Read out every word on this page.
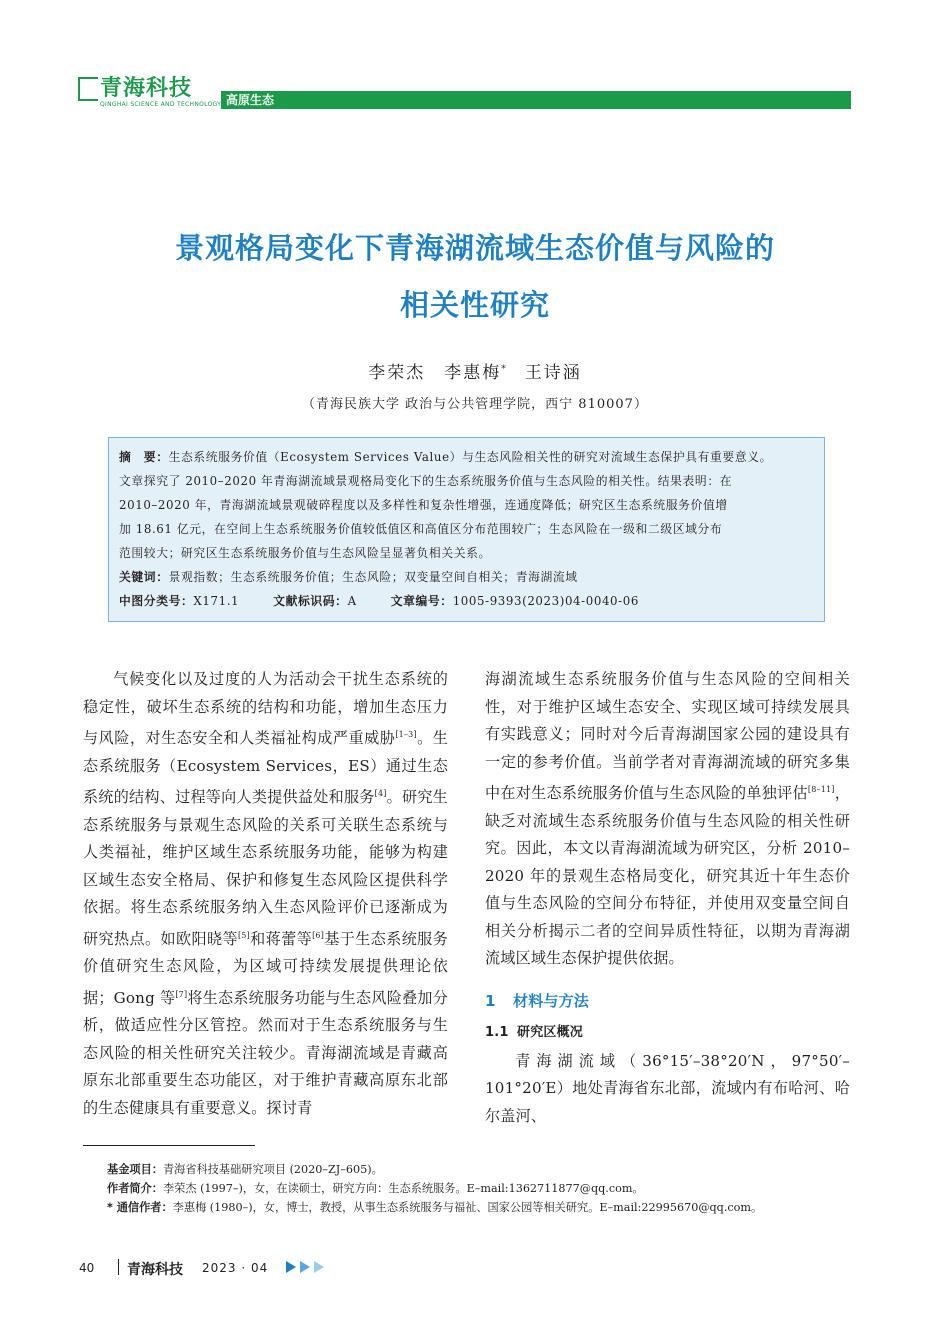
青海科技
QINGHAI SCIENCE AND TECHNOLOGY 高原生态
景观格局变化下青海湖流域生态价值与风险的
相关性研究
李荣杰　李惠梅*　 王诗涵
（青海民族大学 政治与公共管理学院，西宁 810007）
摘　要：生态系统服务价值（Ecosystem Services Value）与生态风险相关性的研究对流域生态保护具有重要意义。
文章探究了 2010–2020 年青海湖流域景观格局变化下的生态系统服务价值与生态风险的相关性。结果表明：在
2010–2020 年，青海湖流域景观破碎程度以及多样性和复杂性增强，连通度降低；研究区生态系统服务价值增
加 18.61 亿元，在空间上生态系统服务价值较低值区和高值区分布范围较广；生态风险在一级和二级区域分布
范围较大；研究区生态系统服务价值与生态风险呈显著负相关关系。
关键词：景观指数；生态系统服务价值；生态风险；双变量空间自相关；青海湖流域
中图分类号：X171.1	文献标识码：A	文章编号：1005-9393(2023)04-0040-06

气候变化以及过度的人为活动会干扰生态系统的稳定性，破坏生态系统的结构和功能，增加生态压力与风险，对生态安全和人类福祉构成严重威胁[1–3]。生态系统服务（Ecosystem Services，ES）通过生态系统的结构、过程等向人类提供益处和服务[4]。研究生态系统服务与景观生态风险的关系可关联生态系统与人类福祉，维护区域生态系统服务功能，能够为构建区域生态安全格局、保护和修复生态风险区提供科学依据。将生态系统服务纳入生态风险评价已逐渐成为研究热点。如欧阳晓等[5]和蒋蕾等[6]基于生态系统服务价值研究生态风险，为区域可持续发展提供理论依据；Gong 等[7]将生态系统服务功能与生态风险叠加分析，做适应性分区管控。然而对于生态系统服务与生态风险的相关性研究关注较少。青海湖流域是青藏高原东北部重要生态功能区，对于维护青藏高原东北部的生态健康具有重要意义。探讨青

海湖流域生态系统服务价值与生态风险的空间相关性，对于维护区域生态安全、实现区域可持续发展具有实践意义；同时对今后青海湖国家公园的建设具有一定的参考价值。当前学者对青海湖流域的研究多集中在对生态系统服务价值与生态风险的单独评估[8–11]，缺乏对流域生态系统服务价值与生态风险的相关性研究。因此，本文以青海湖流域为研究区，分析 2010–2020 年的景观生态格局变化，研究其近十年生态价值与生态风险的空间分布特征，并使用双变量空间自相关分析揭示二者的空间异质性特征，以期为青海湖流域区域生态保护提供依据。

1 材料与方法
1.1 研究区概况

青海湖流域（36°15′–38°20′N，97°50′–101°20′E）地处青海省东北部，流域内有布哈河、哈尔盖河、

基金项目：青海省科技基础研究项目 (2020–ZJ–605)。
作者简介：李荣杰 (1997–)，女，在读硕士，研究方向：生态系统服务。E–mail:1362711877@qq.com。
* 通信作者：李惠梅 (1980–)，女，博士，教授，从事生态系统服务与福祉、国家公园等相关研究。E–mail:22995670@qq.com。
40 青海科技 2023 · 04
